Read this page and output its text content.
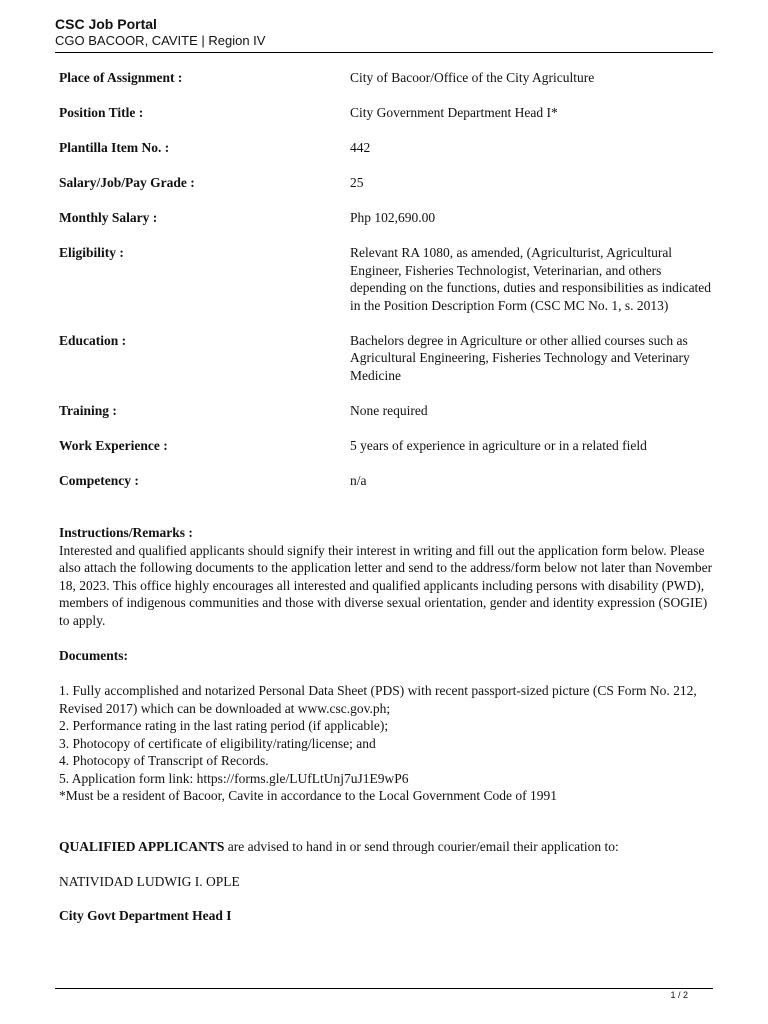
CSC Job Portal
CGO BACOOR, CAVITE | Region IV
Place of Assignment :	City of Bacoor/Office of the City Agriculture
Position Title :	City Government Department Head I*
Plantilla Item No. :	442
Salary/Job/Pay Grade :	25
Monthly Salary :	Php 102,690.00
Eligibility :	Relevant RA 1080, as amended, (Agriculturist, Agricultural Engineer, Fisheries Technologist, Veterinarian, and others depending on the functions, duties and responsibilities as indicated in the Position Description Form (CSC MC No. 1, s. 2013)
Education :	Bachelors degree in Agriculture or other allied courses such as Agricultural Engineering, Fisheries Technology and Veterinary Medicine
Training :	None required
Work Experience :	5 years of experience in agriculture or in a related field
Competency :	n/a

Instructions/Remarks :

Interested and qualified applicants should signify their interest in writing and fill out the application form below. Please also attach the following documents to the application letter and send to the address/form below not later than November 18, 2023. This office highly encourages all interested and qualified applicants including persons with disability (PWD), members of indigenous communities and those with diverse sexual orientation, gender and identity expression (SOGIE) to apply.

Documents:

1. Fully accomplished and notarized Personal Data Sheet (PDS) with recent passport-sized picture (CS Form No. 212, Revised 2017) which can be downloaded at www.csc.gov.ph;

2. Performance rating in the last rating period (if applicable);

3. Photocopy of certificate of eligibility/rating/license; and

4. Photocopy of Transcript of Records.

5. Application form link: https://forms.gle/LUfLtUnj7uJ1E9wP6

*Must be a resident of Bacoor, Cavite in accordance to the Local Government Code of 1991

QUALIFIED APPLICANTS are advised to hand in or send through courier/email their application to:

NATIVIDAD LUDWIG I. OPLE
City Govt Department Head I
1 / 2
